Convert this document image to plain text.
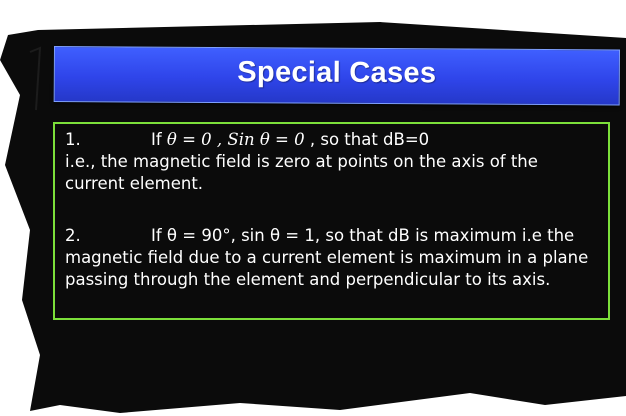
Special Cases
1.	If θ = 0 , Sin θ = 0 , so that dB=0
i.e., the magnetic field is zero at points on the axis of the current element.
2.	If θ = 90°, sin θ = 1, so that dB is maximum i.e the
magnetic field due to a current element is maximum in a plane passing through the element and perpendicular to its axis.
